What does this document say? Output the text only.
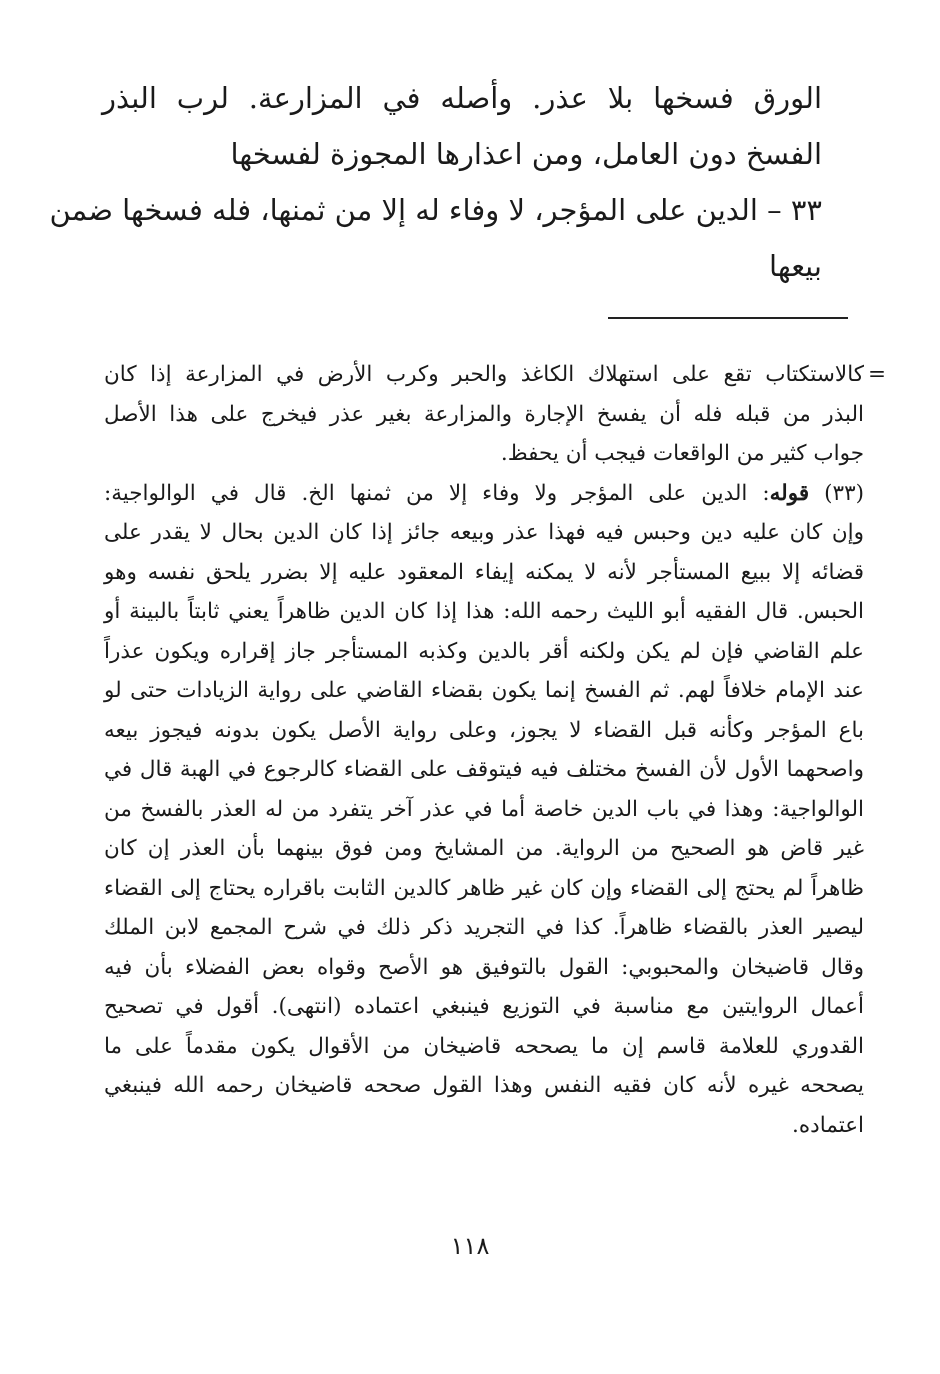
الورق فسخها بلا عذر. وأصله في المزارعة. لرب البذر
الفسخ دون العامل، ومن اعذارها المجوزة لفسخها
٣٣ – الدين على المؤجر، لا وفاء له إلا من ثمنها، فله فسخها ضمن
بيعها
=
كالاستكتاب تقع على استهلاك الكاغذ والحبر وكرب الأرض في المزارعة إذا كان
البذر من قبله فله أن يفسخ الإجارة والمزارعة بغير عذر فيخرج على هذا الأصل
جواب كثير من الواقعات فيجب أن يحفظ.
(٣٣) قوله: الدين على المؤجر ولا وفاء إلا من ثمنها الخ. قال في الوالواجية:
وإن كان عليه دين وحبس فيه فهذا عذر وبيعه جائز إذا كان الدين بحال لا يقدر على
قضائه إلا ببيع المستأجر لأنه لا يمكنه إيفاء المعقود عليه إلا بضرر يلحق نفسه وهو
الحبس. قال الفقيه أبو الليث رحمه الله: هذا إذا كان الدين ظاهراً يعني ثابتاً بالبينة أو
علم القاضي فإن لم يكن ولكنه أقر بالدين وكذبه المستأجر جاز إقراره ويكون عذراً
عند الإمام خلافاً لهم. ثم الفسخ إنما يكون بقضاء القاضي على رواية الزيادات حتى لو
باع المؤجر وكأنه قبل القضاء لا يجوز، وعلى رواية الأصل يكون بدونه فيجوز بيعه
واصحهما الأول لأن الفسخ مختلف فيه فيتوقف على القضاء كالرجوع في الهبة قال في
الوالواجية: وهذا في باب الدين خاصة أما في عذر آخر يتفرد من له العذر بالفسخ من
غير قاض هو الصحيح من الرواية. من المشايخ ومن فوق بينهما بأن العذر إن كان
ظاهراً لم يحتج إلى القضاء وإن كان غير ظاهر كالدين الثابت باقراره يحتاج إلى القضاء
ليصير العذر بالقضاء ظاهراً. كذا في التجريد ذكر ذلك في شرح المجمع لابن الملك
وقال قاضيخان والمحبوبي: القول بالتوفيق هو الأصح وقواه بعض الفضلاء بأن فيه
أعمال الروايتين مع مناسبة في التوزيع فينبغي اعتماده (انتهى). أقول في تصحيح
القدوري للعلامة قاسم إن ما يصححه قاضيخان من الأقوال يكون مقدماً على ما
يصححه غيره لأنه كان فقيه النفس وهذا القول صححه قاضيخان رحمه الله فينبغي
اعتماده.
١١٨
